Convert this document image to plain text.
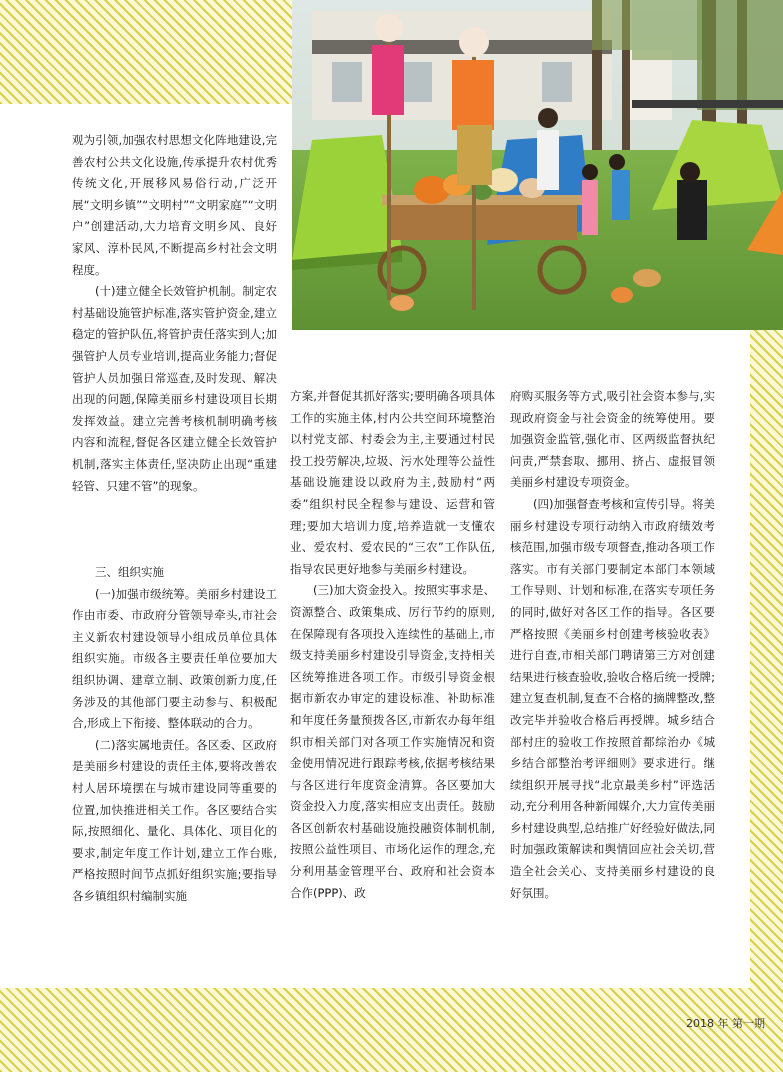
观为引领,加强农村思想文化阵地建设,完善农村公共文化设施,传承提升农村优秀传统文化,开展移风易俗行动,广泛开展“文明乡镇”“文明村”“文明家庭”“文明户”创建活动,大力培育文明乡风、良好家风、淳朴民风,不断提高乡村社会文明程度。

(十)建立健全长效管护机制。制定农村基础设施管护标准,落实管护资金,建立稳定的管护队伍,将管护责任落实到人;加强管护人员专业培训,提高业务能力;督促管护人员加强日常巡查,及时发现、解决出现的问题,保障美丽乡村建设项目长期发挥效益。建立完善考核机制明确考核内容和流程,督促各区建立健全长效管护机制,落实主体责任,坚决防止出现“重建轻管、只建不管”的现象。

三、组织实施

(一)加强市级统筹。美丽乡村建设工作由市委、市政府分管领导牵头,市社会主义新农村建设领导小组成员单位具体组织实施。市级各主要责任单位要加大组织协调、建章立制、政策创新力度,任务涉及的其他部门要主动参与、积极配合,形成上下衔接、整体联动的合力。

(二)落实属地责任。各区委、区政府是美丽乡村建设的责任主体,要将改善农村人居环境摆在与城市建设同等重要的位置,加快推进相关工作。各区要结合实际,按照细化、量化、具体化、项目化的要求,制定年度工作计划,建立工作台账,严格按照时间节点抓好组织实施;要指导各乡镇组织村编制实施

方案,并督促其抓好落实;要明确各项具体工作的实施主体,村内公共空间环境整治以村党支部、村委会为主,主要通过村民投工投劳解决,垃圾、污水处理等公益性基础设施建设以政府为主,鼓励村“两委”组织村民全程参与建设、运营和管理;要加大培训力度,培养造就一支懂农业、爱农村、爱农民的“三农”工作队伍,指导农民更好地参与美丽乡村建设。

(三)加大资金投入。按照实事求是、资源整合、政策集成、厉行节约的原则,在保障现有各项投入连续性的基础上,市级支持美丽乡村建设引导资金,支持相关区统筹推进各项工作。市级引导资金根据市新农办审定的建设标准、补助标准和年度任务量预拨各区,市新农办每年组织市相关部门对各项工作实施情况和资金使用情况进行跟踪考核,依据考核结果与各区进行年度资金清算。各区要加大资金投入力度,落实相应支出责任。鼓励各区创新农村基础设施投融资体制机制,按照公益性项目、市场化运作的理念,充分利用基金管理平台、政府和社会资本合作(PPP)、政

府购买服务等方式,吸引社会资本参与,实现政府资金与社会资金的统筹使用。要加强资金监管,强化市、区两级监督执纪问责,严禁套取、挪用、挤占、虚报冒领美丽乡村建设专项资金。

(四)加强督查考核和宣传引导。将美丽乡村建设专项行动纳入市政府绩效考核范围,加强市级专项督查,推动各项工作落实。市有关部门要制定本部门本领域工作导则、计划和标准,在落实专项任务的同时,做好对各区工作的指导。各区要严格按照《美丽乡村创建考核验收表》进行自查,市相关部门聘请第三方对创建结果进行核查验收,验收合格后统一授牌;建立复查机制,复查不合格的摘牌整改,整改完毕并验收合格后再授牌。城乡结合部村庄的验收工作按照首都综治办《城乡结合部整治考评细则》要求进行。继续组织开展寻找“北京最美乡村”评选活动,充分利用各种新闻媒介,大力宣传美丽乡村建设典型,总结推广好经验好做法,同时加强政策解读和舆情回应社会关切,营造全社会关心、支持美丽乡村建设的良好氛围。

2018 年 第一期
